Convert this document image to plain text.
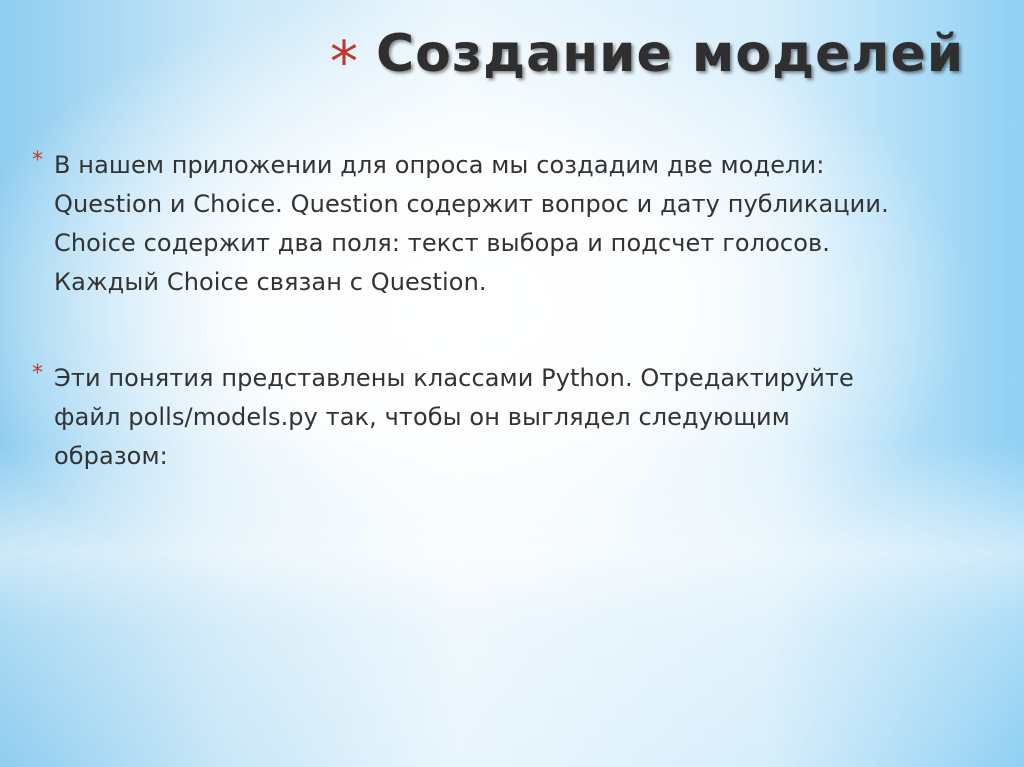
* Создание моделей
* В нашем приложении для опроса мы создадим две модели:
Question и Choice. Question содержит вопрос и дату публикации.
Choice содержит два поля: текст выбора и подсчет голосов.
Каждый Choice связан с Question.
* Эти понятия представлены классами Python. Отредактируйте
файл polls/models.py так, чтобы он выглядел следующим
образом:
